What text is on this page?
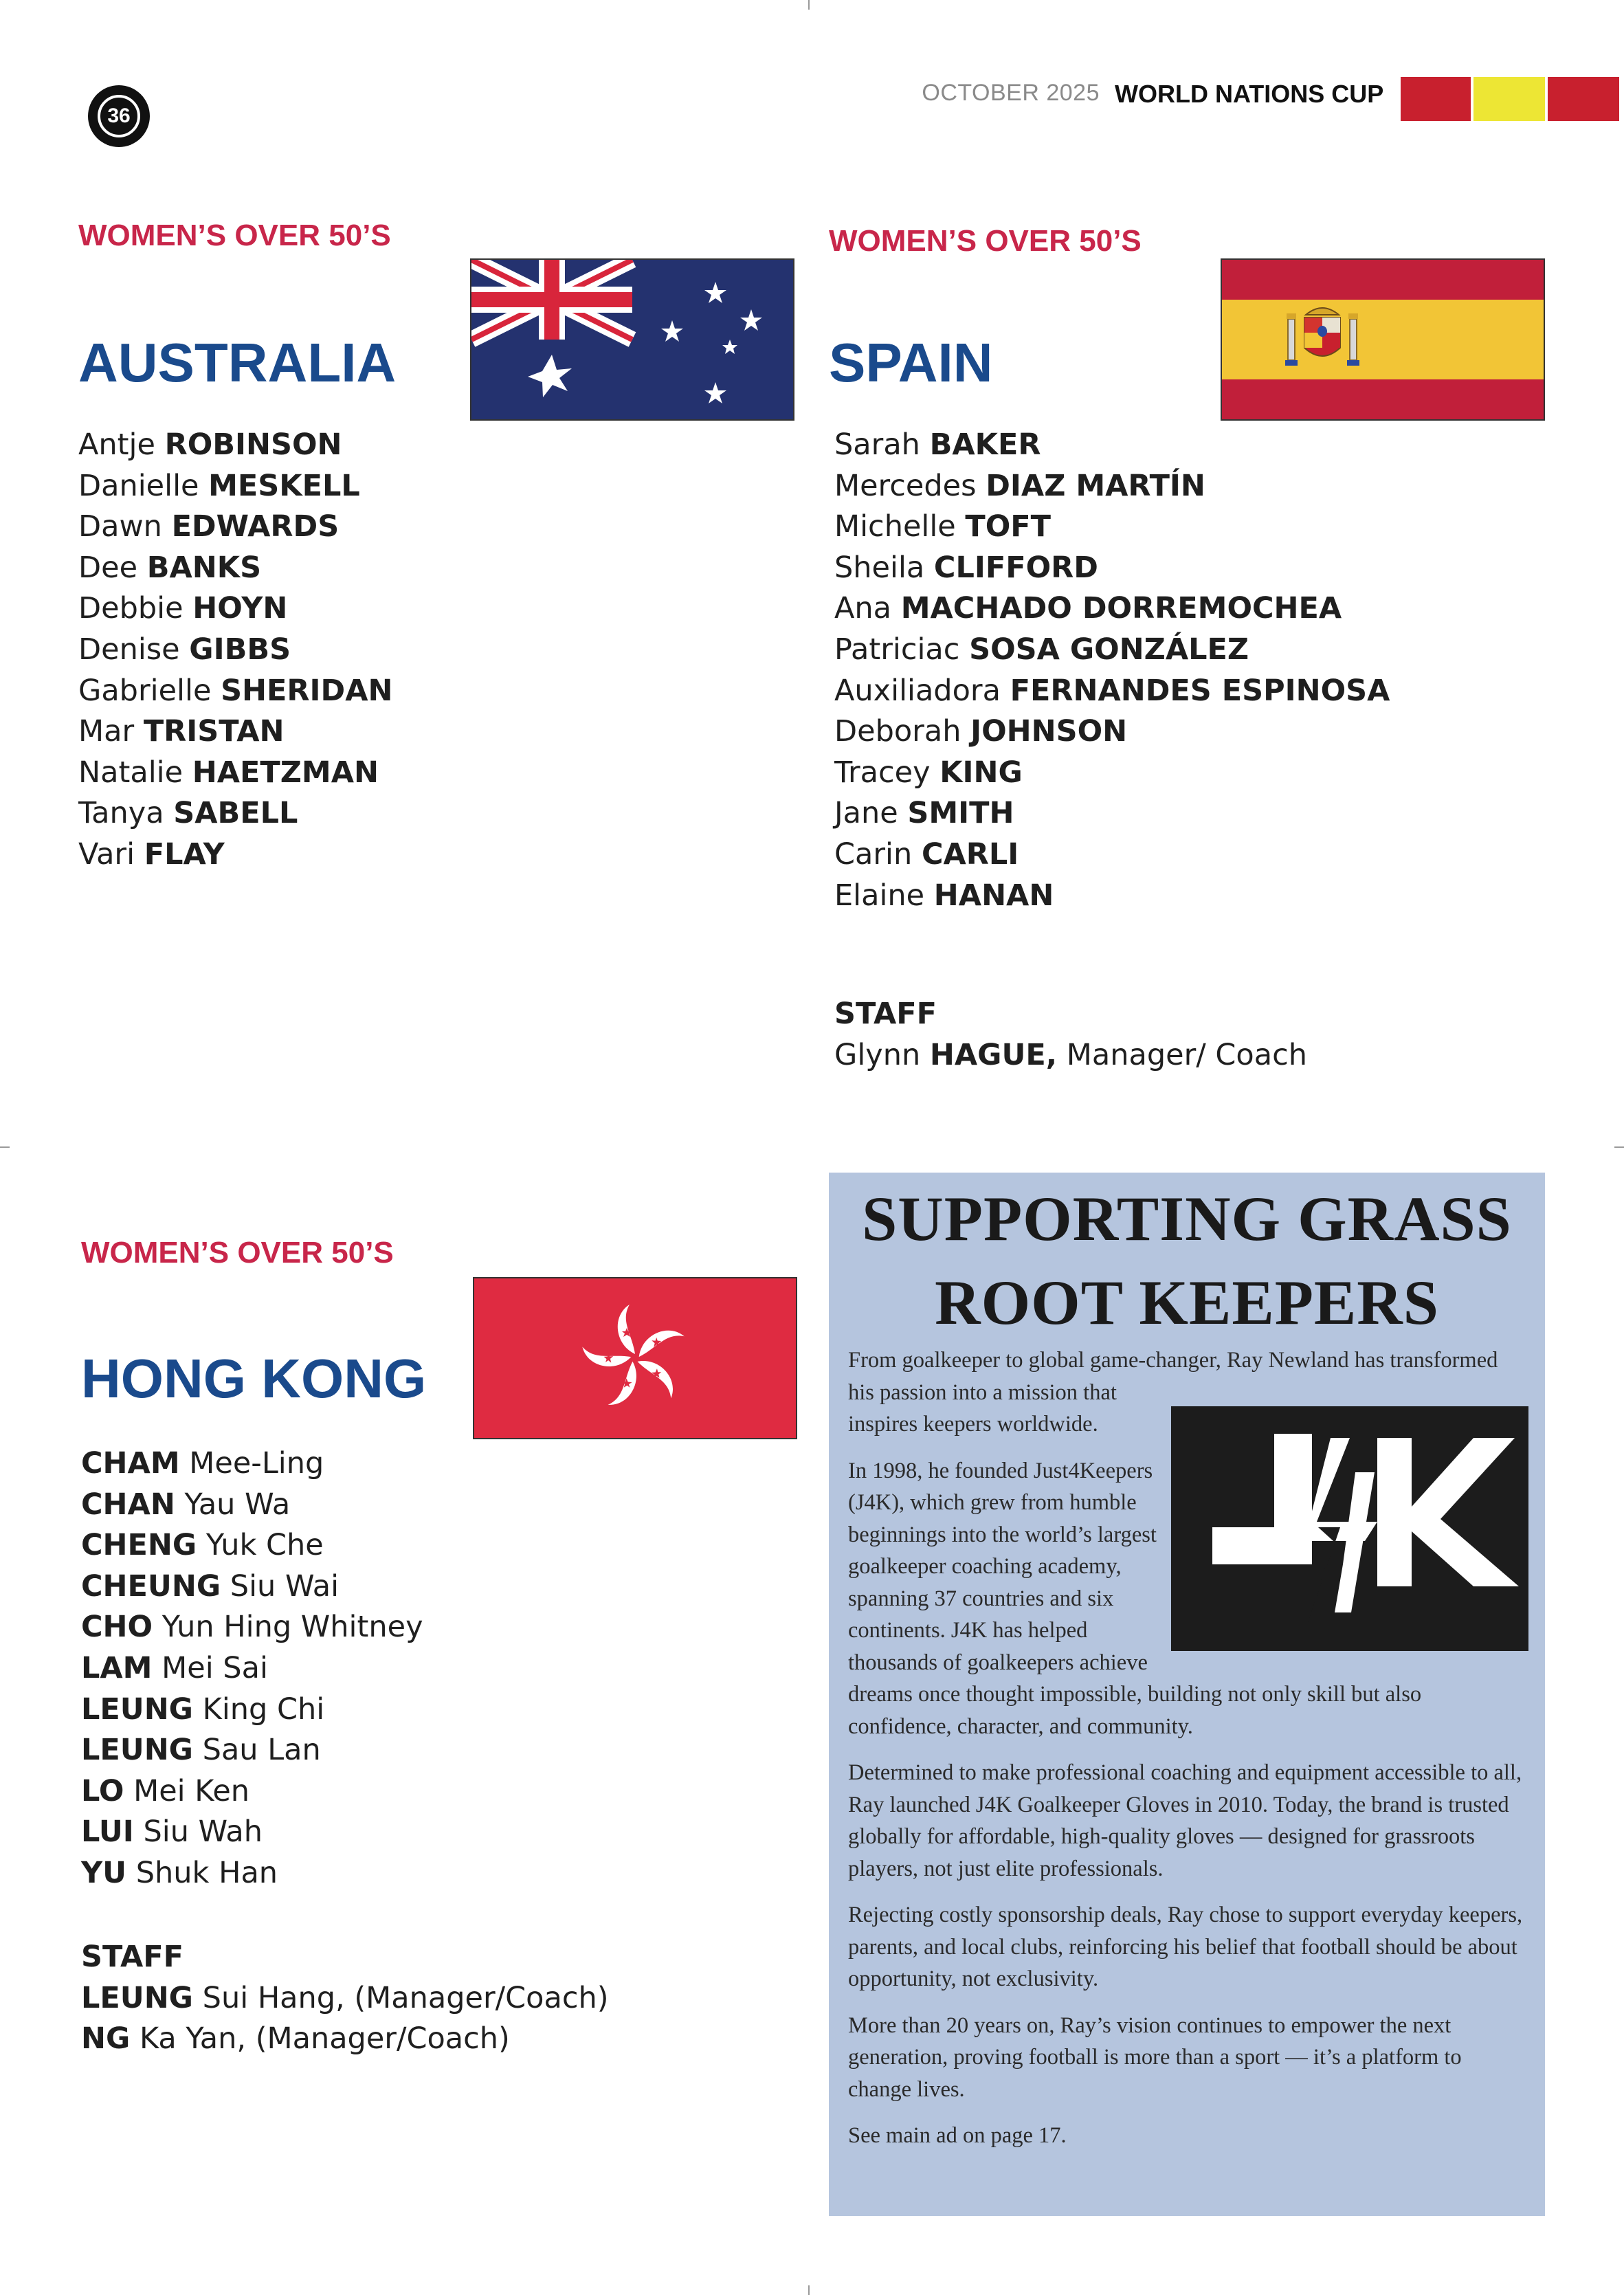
36
OCTOBER 2025 WORLD NATIONS CUP
WOMEN’S OVER 50’S
AUSTRALIA
Antje ROBINSON
Danielle MESKELL
Dawn EDWARDS
Dee BANKS
Debbie HOYN
Denise GIBBS
Gabrielle SHERIDAN
Mar TRISTAN
Natalie HAETZMAN
Tanya SABELL
Vari FLAY
WOMEN’S OVER 50’S
SPAIN
Sarah BAKER
Mercedes DIAZ MARTÍN
Michelle TOFT
Sheila CLIFFORD
Ana MACHADO DORREMOCHEA
Patriciac SOSA GONZÁLEZ
Auxiliadora FERNANDES ESPINOSA
Deborah JOHNSON
Tracey KING
Jane SMITH
Carin CARLI
Elaine HANAN
STAFF
Glynn HAGUE, Manager/ Coach
WOMEN’S OVER 50’S
HONG KONG
CHAM Mee-Ling
CHAN Yau Wa
CHENG Yuk Che
CHEUNG Siu Wai
CHO Yun Hing Whitney
LAM Mei Sai
LEUNG King Chi
LEUNG Sau Lan
LO Mei Ken
LUI Siu Wah
YU Shuk Han
STAFF
LEUNG Sui Hang, (Manager/Coach)
NG Ka Yan, (Manager/Coach)
SUPPORTING GRASS
ROOT KEEPERS

From goalkeeper to global game-changer, Ray Newland has transformed his passion into a mission that inspires keepers worldwide.

In 1998, he founded Just4Keepers (J4K), which grew from humble beginnings into the world’s largest goalkeeper coaching academy, spanning 37 countries and six continents. J4K has helped thousands of goalkeepers achieve dreams once thought impossible, building not only skill but also confidence, character, and community.

Determined to make professional coaching and equipment accessible to all, Ray launched J4K Goalkeeper Gloves in 2010. Today, the brand is trusted globally for affordable, high-quality gloves — designed for grassroots players, not just elite professionals.

Rejecting costly sponsorship deals, Ray chose to support everyday keepers, parents, and local clubs, reinforcing his belief that football should be about opportunity, not exclusivity.

More than 20 years on, Ray’s vision continues to empower the next generation, proving football is more than a sport — it’s a platform to change lives.

See main ad on page 17.
